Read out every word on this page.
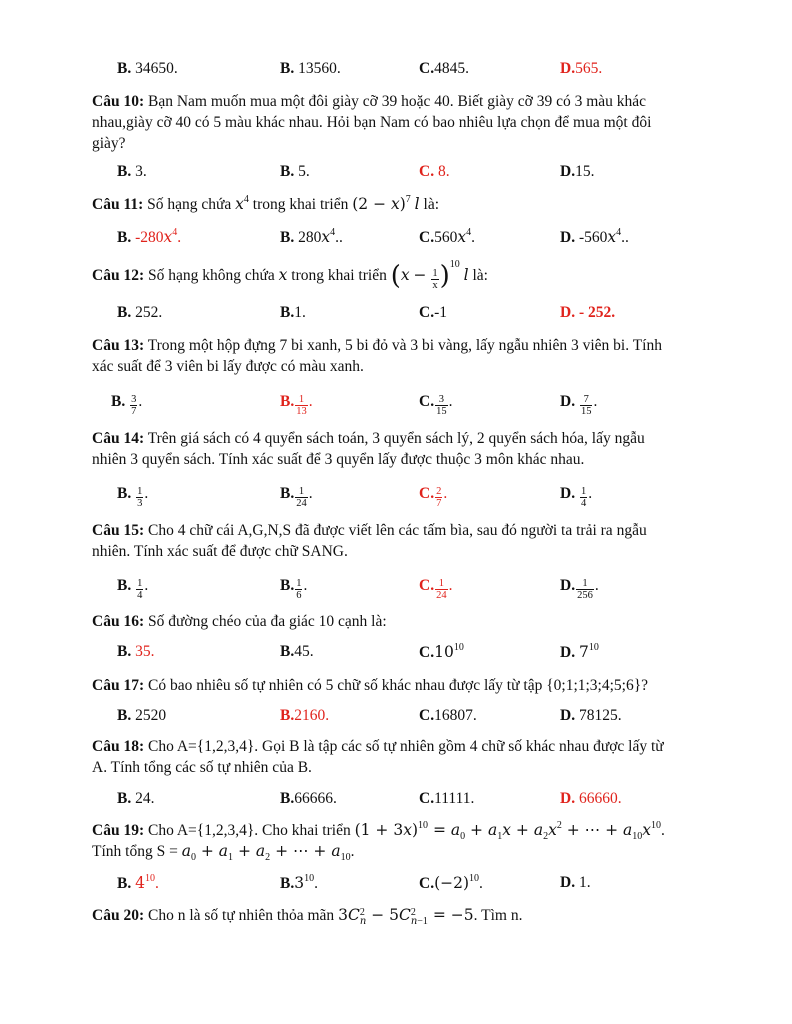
B. 34650.	B. 13560.	C.4845.	D.565.
Câu 10: Bạn Nam muốn mua một đôi giày cỡ 39 hoặc 40. Biết giày cỡ 39 có 3 màu khác
nhau,giày cỡ 40 có 5 màu khác nhau. Hỏi bạn Nam có bao nhiêu lựa chọn để mua một đôi
giày?
B. 3.	B. 5.	C. 8.	D.15.
Câu 11: Số hạng chứa $x^4$ trong khai triển $(2 - x)^7$ l là:
B. $-280x^4$.	B. $280x^4$..	$C.560x^4$.	D. $-560x^4$..
Câu 12: Số hạng không chứa x trong khai triển $(x - \frac{1}{x} )^{10}$ l là:
B. 252.	B.1.	C.-1	D. - 252.
Câu 13: Trong một hộp đựng 7 bi xanh, 5 bi đỏ và 3 bi vàng, lấy ngẫu nhiên 3 viên bi. Tính
xác suất để 3 viên bi lấy được có màu xanh.
B. $\frac{3}{7}$ .	B. $\frac{1}{13}$ .	C. $\frac{3}{15}$ .	D. $\frac{7}{15}$ .
Câu 14: Trên giá sách có 4 quyển sách toán, 3 quyển sách lý, 2 quyển sách hóa, lấy ngẫu
nhiên 3 quyển sách. Tính xác suất để 3 quyển lấy được thuộc 3 môn khác nhau.
B. $\frac{1}{3}$ .	B. $\frac{1}{24}$ .	C. $\frac{2}{7}$ .	D. $\frac{1}{4}$ .
Câu 15: Cho 4 chữ cái A,G,N,S đã được viết lên các tấm bìa, sau đó người ta trải ra ngẫu
nhiên. Tính xác suất để được chữ SANG.
B. $\frac{1}{4}$ .	B. $\frac{1}{6}$ .	C. $\frac{1}{24}$ .	D. $\frac{1}{256}$ .
Câu 16: Số đường chéo của đa giác 10 cạnh là:
B. 35.	B.45.	$C.10^{10}$	D. $7^{10}$
Câu 17: Có bao nhiêu số tự nhiên có 5 chữ số khác nhau được lấy từ tập {0;1;1;3;4;5;6}?
B. 2520	B.2160.	C.16807.	D. 78125.
Câu 18: Cho A={1,2,3,4}. Gọi B là tập các số tự nhiên gồm 4 chữ số khác nhau được lấy từ
A. Tính tổng các số tự nhiên của B.
B. 24.	B.66666.	C.11111.	D. 66660.
Câu 19: Cho A={1,2,3,4}. Cho khai triển $(1 + 3x)^{10} = a_0 + a_1x + a_2x^2$ + ⋯ + $a_{10}x^{10}$.
Tính tổng $S = a_0 + a_1 + a_2$ + ⋯ + $a_{10}$.
B. $4^{10}$.	$B.3^{10}$.	$C.(-2)^{10}$.	D. 1.
Câu 20: Cho n là số tự nhiên thỏa mãn 3C 2
n − 5C 2
n−1 = −5. Tìm n.
